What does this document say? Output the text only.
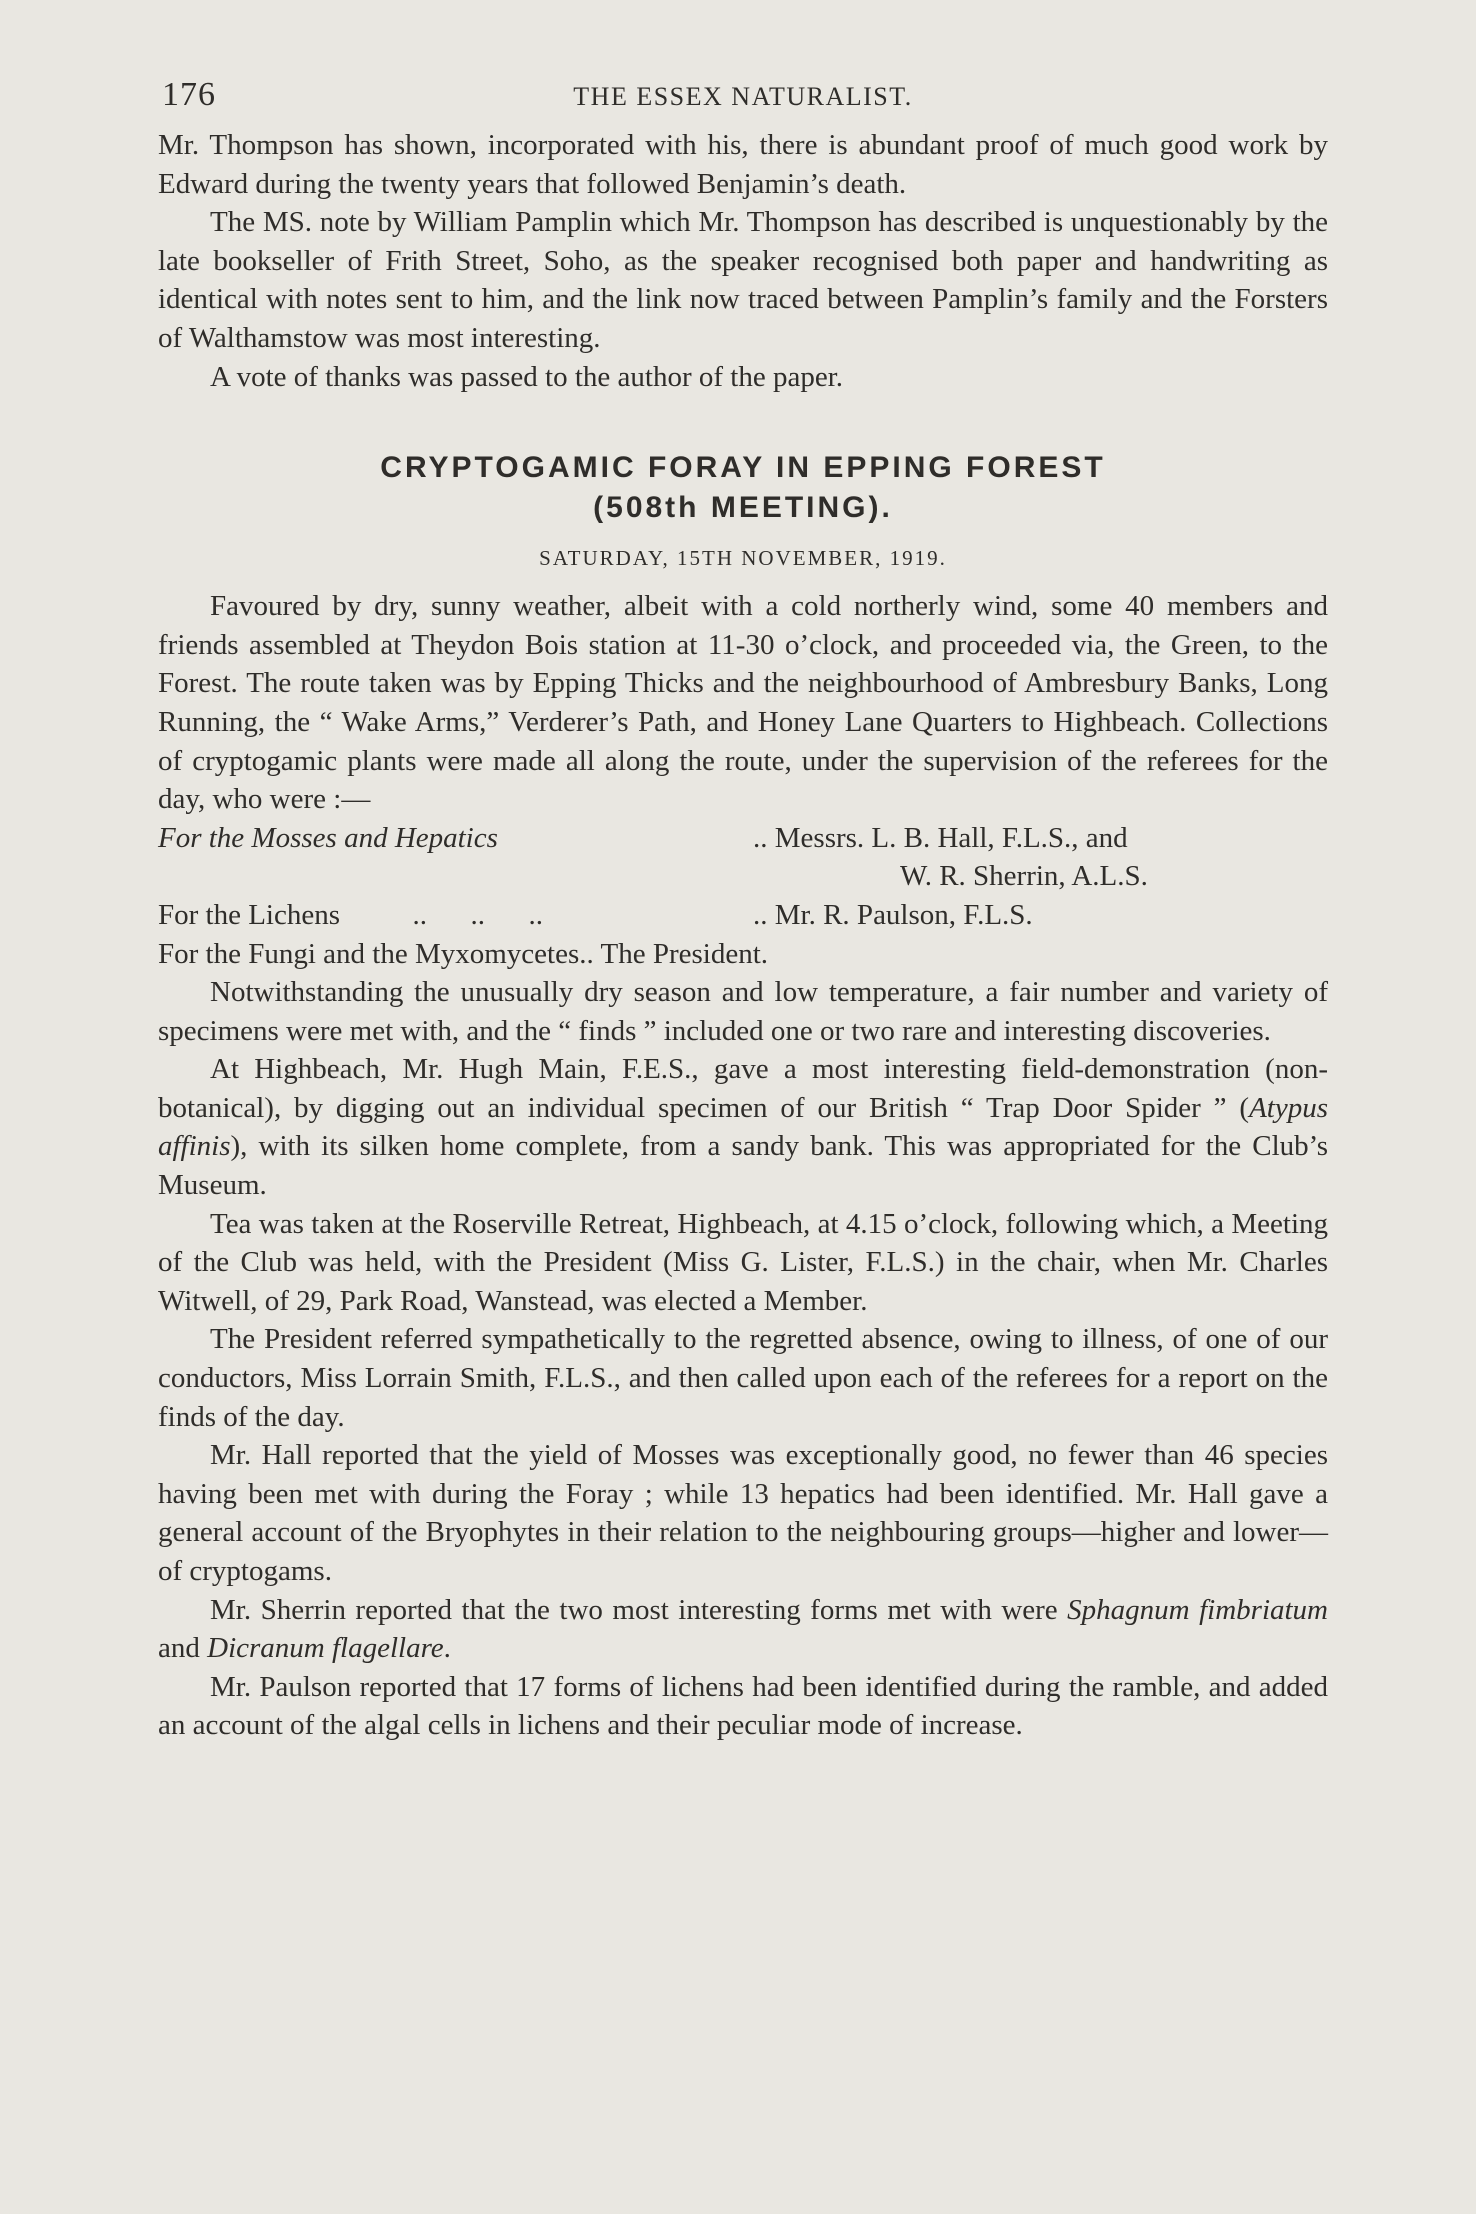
176	THE ESSEX NATURALIST.

Mr. Thompson has shown, incorporated with his, there is abundant proof of much good work by Edward during the twenty years that followed Benjamin’s death.

The MS. note by William Pamplin which Mr. Thompson has described is unquestionably by the late bookseller of Frith Street, Soho, as the speaker recognised both paper and handwriting as identical with notes sent to him, and the link now traced between Pamplin’s family and the Forsters of Walthamstow was most interesting.

A vote of thanks was passed to the author of the paper.

CRYPTOGAMIC FORAY IN EPPING FOREST

(508th MEETING).

SATURDAY, 15TH NOVEMBER, 1919.

Favoured by dry, sunny weather, albeit with a cold northerly wind, some 40 members and friends assembled at Theydon Bois station at 11-30 o’clock, and proceeded via, the Green, to the Forest. The route taken was by Epping Thicks and the neighbourhood of Ambresbury Banks, Long Running, the “ Wake Arms,” Verderer’s Path, and Honey Lane Quarters to Highbeach. Collections of cryptogamic plants were made all along the route, under the supervision of the referees for the day, who were :—

For the Mosses and Hepatics	.. Messrs. L. B. Hall, F.L.S., and
W. R. Sherrin, A.L.S.
For the Lichens	..      ..      ..	.. Mr. R. Paulson, F.L.S.
For the Fungi and the Myxomycetes.. The President.

Notwithstanding the unusually dry season and low temperature, a fair number and variety of specimens were met with, and the “ finds ” included one or two rare and interesting discoveries.

At Highbeach, Mr. Hugh Main, F.E.S., gave a most interesting field-demonstration (non-botanical), by digging out an individual specimen of our British “ Trap Door Spider ” (Atypus affinis), with its silken home complete, from a sandy bank. This was appropriated for the Club’s Museum.

Tea was taken at the Roserville Retreat, Highbeach, at 4.15 o’clock, following which, a Meeting of the Club was held, with the President (Miss G. Lister, F.L.S.) in the chair, when Mr. Charles Witwell, of 29, Park Road, Wanstead, was elected a Member.

The President referred sympathetically to the regretted absence, owing to illness, of one of our conductors, Miss Lorrain Smith, F.L.S., and then called upon each of the referees for a report on the finds of the day.

Mr. Hall reported that the yield of Mosses was exceptionally good, no fewer than 46 species having been met with during the Foray ; while 13 hepatics had been identified. Mr. Hall gave a general account of the Bryophytes in their relation to the neighbouring groups—higher and lower—of cryptogams.

Mr. Sherrin reported that the two most interesting forms met with were Sphagnum fimbriatum and Dicranum flagellare.

Mr. Paulson reported that 17 forms of lichens had been identified during the ramble, and added an account of the algal cells in lichens and their peculiar mode of increase.
